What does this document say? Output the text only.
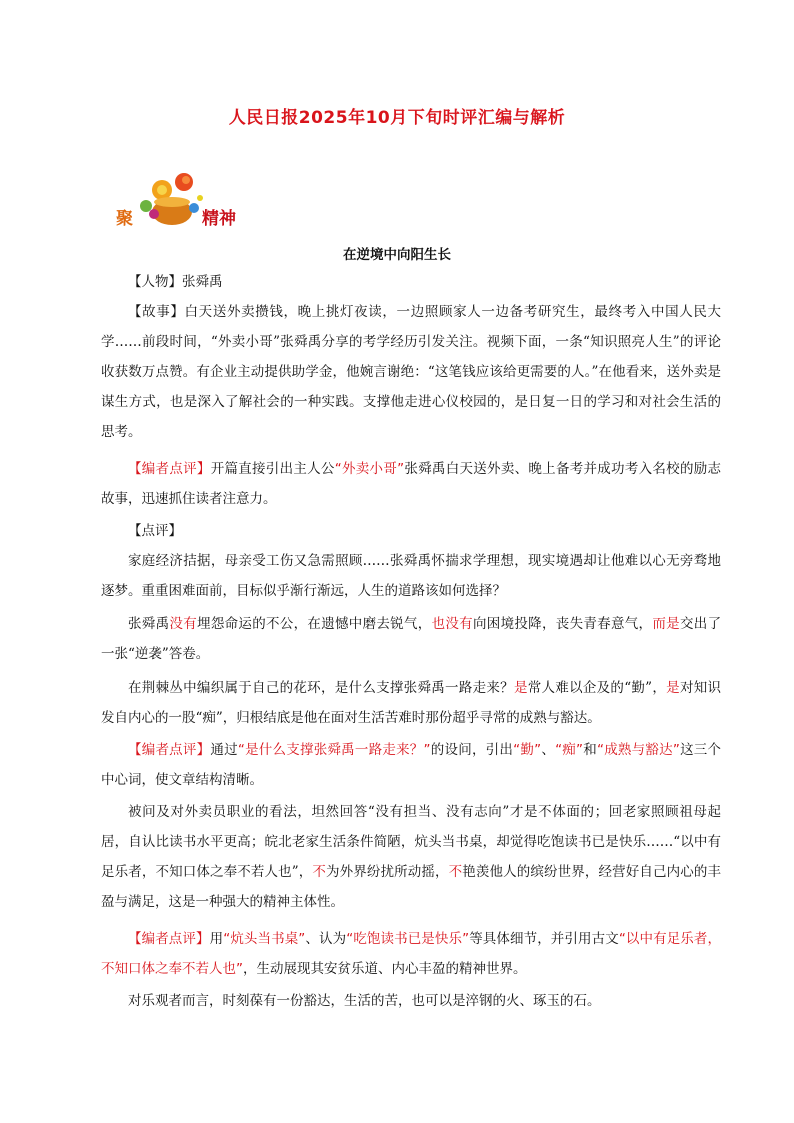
人民日报2025年10月下旬时评汇编与解析
聚	精神
在逆境中向阳生长
【人物】张舜禹
【故事】白天送外卖攒钱，晚上挑灯夜读，一边照顾家人一边备考研究生，最终考入中国人民大学……前段时间，“外卖小哥”张舜禹分享的考学经历引发关注。视频下面，一条“知识照亮人生”的评论收获数万点赞。有企业主动提供助学金，他婉言谢绝：“这笔钱应该给更需要的人。”在他看来，送外卖是谋生方式，也是深入了解社会的一种实践。支撑他走进心仪校园的，是日复一日的学习和对社会生活的思考。
【编者点评】开篇直接引出主人公“外卖小哥”张舜禹白天送外卖、晚上备考并成功考入名校的励志故事，迅速抓住读者注意力。
【点评】
家庭经济拮据，母亲受工伤又急需照顾……张舜禹怀揣求学理想，现实境遇却让他难以心无旁骛地逐梦。重重困难面前，目标似乎渐行渐远，人生的道路该如何选择？
张舜禹没有埋怨命运的不公，在遗憾中磨去锐气，也没有向困境投降，丧失青春意气，而是交出了一张“逆袭”答卷。
在荆棘丛中编织属于自己的花环，是什么支撑张舜禹一路走来？是常人难以企及的“勤”，是对知识发自内心的一股“痴”，归根结底是他在面对生活苦难时那份超乎寻常的成熟与豁达。
【编者点评】通过“是什么支撑张舜禹一路走来？”的设问，引出“勤”、“痴”和“成熟与豁达”这三个中心词，使文章结构清晰。
被问及对外卖员职业的看法，坦然回答“没有担当、没有志向”才是不体面的；回老家照顾祖母起居，自认比读书水平更高；皖北老家生活条件简陋，炕头当书桌，却觉得吃饱读书已是快乐……“以中有足乐者，不知口体之奉不若人也”，不为外界纷扰所动摇，不艳羡他人的缤纷世界，经营好自己内心的丰盈与满足，这是一种强大的精神主体性。
【编者点评】用“炕头当书桌”、认为“吃饱读书已是快乐”等具体细节，并引用古文“以中有足乐者，不知口体之奉不若人也”，生动展现其安贫乐道、内心丰盈的精神世界。
对乐观者而言，时刻葆有一份豁达，生活的苦，也可以是淬钢的火、琢玉的石。
